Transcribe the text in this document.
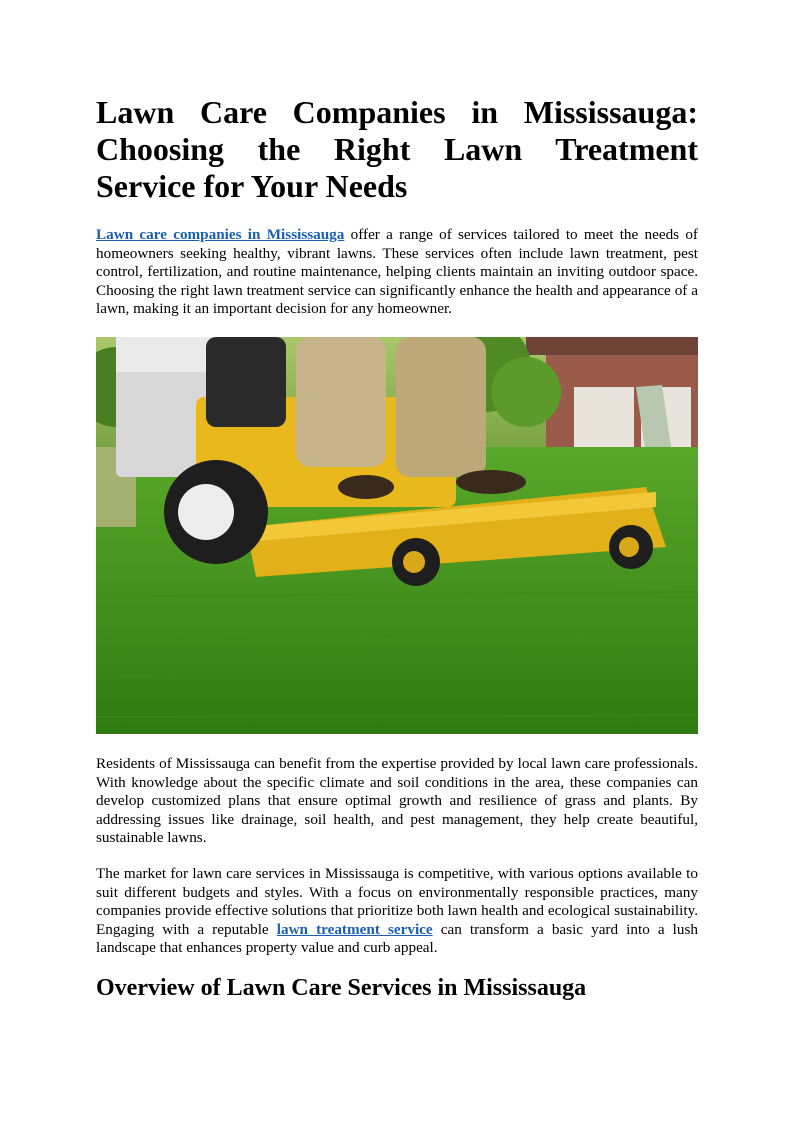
Lawn Care Companies in Mississauga: Choosing the Right Lawn Treatment Service for Your Needs

Lawn care companies in Mississauga offer a range of services tailored to meet the needs of homeowners seeking healthy, vibrant lawns. These services often include lawn treatment, pest control, fertilization, and routine maintenance, helping clients maintain an inviting outdoor space. Choosing the right lawn treatment service can significantly enhance the health and appearance of a lawn, making it an important decision for any homeowner.

Residents of Mississauga can benefit from the expertise provided by local lawn care professionals. With knowledge about the specific climate and soil conditions in the area, these companies can develop customized plans that ensure optimal growth and resilience of grass and plants. By addressing issues like drainage, soil health, and pest management, they help create beautiful, sustainable lawns.

The market for lawn care services in Mississauga is competitive, with various options available to suit different budgets and styles. With a focus on environmentally responsible practices, many companies provide effective solutions that prioritize both lawn health and ecological sustainability. Engaging with a reputable lawn treatment service can transform a basic yard into a lush landscape that enhances property value and curb appeal.

Overview of Lawn Care Services in Mississauga
